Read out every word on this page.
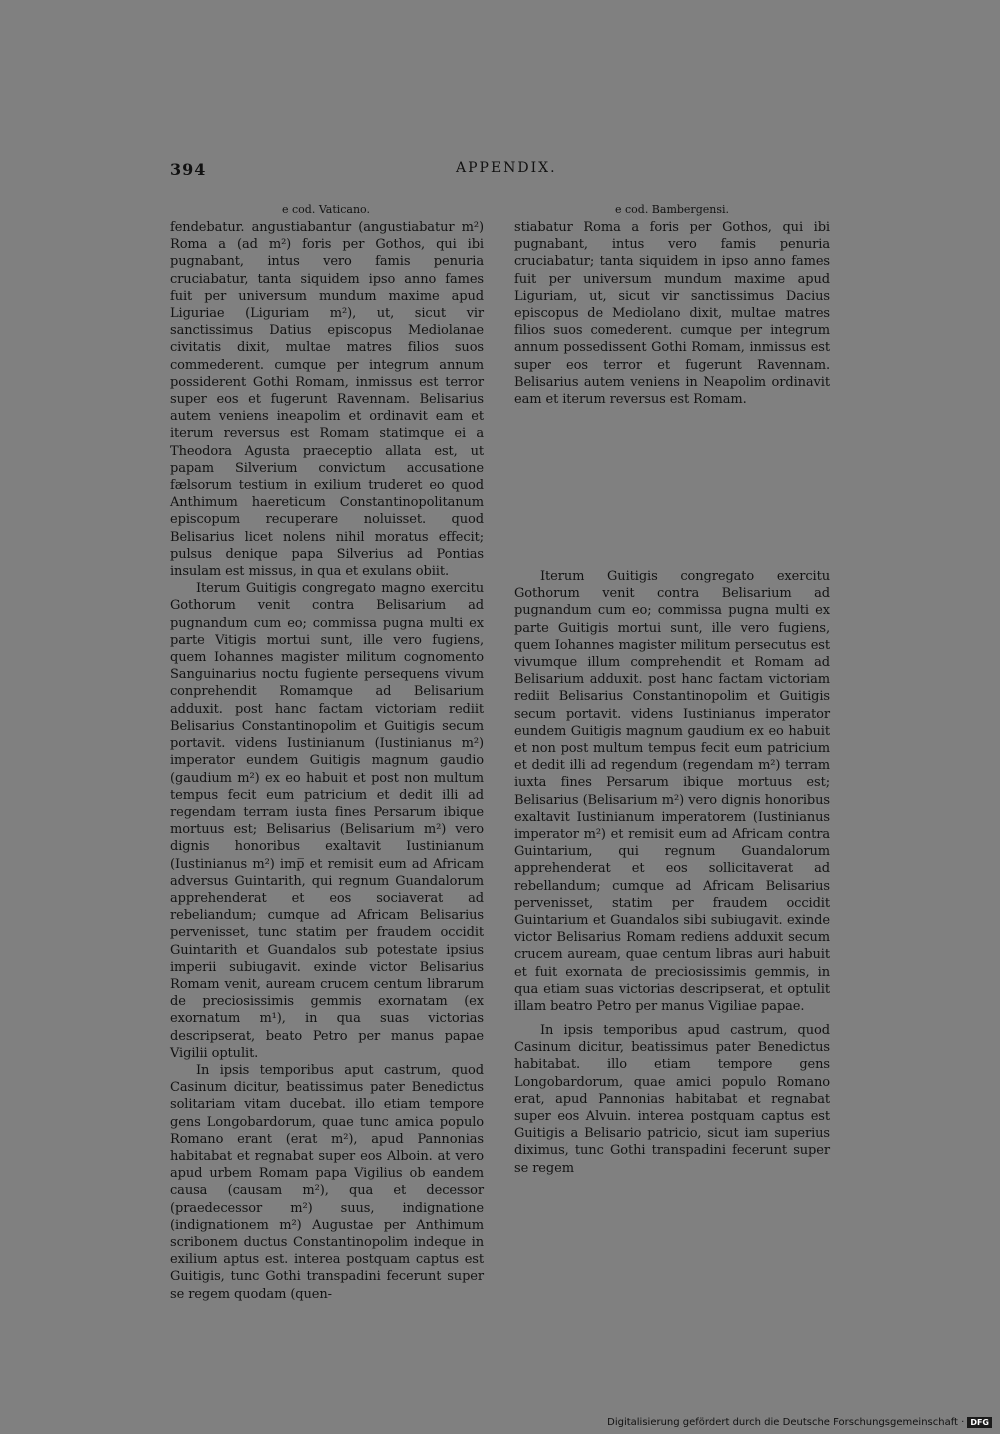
394	APPENDIX.
e cod. Vaticano.	e cod. Bambergensi.

fendebatur. angustiabantur (angustiabatur m²) Roma a (ad m²) foris per Gothos, qui ibi pugnabant, intus vero famis penuria cruciabatur, tanta siquidem ipso anno fames fuit per universum mundum maxime apud Liguriae (Liguriam m²), ut, sicut vir sanctissimus Datius episcopus Mediolanae civitatis dixit, multae matres filios suos commederent. cumque per integrum annum possiderent Gothi Romam, inmissus est terror super eos et fugerunt Ravennam. Belisarius autem veniens ineapolim et ordinavit eam et iterum reversus est Romam statimque ei a Theodora Agusta praeceptio allata est, ut papam Silverium convictum accusatione fælsorum testium in exilium truderet eo quod Anthimum haereticum Constantinopolitanum episcopum recuperare noluisset. quod Belisarius licet nolens nihil moratus effecit; pulsus denique papa Silverius ad Pontias insulam est missus, in qua et exulans obiit.

Iterum Guitigis congregato magno exercitu Gothorum venit contra Belisarium ad pugnandum cum eo; commissa pugna multi ex parte Vitigis mortui sunt, ille vero fugiens, quem Iohannes magister militum cognomento Sanguinarius noctu fugiente persequens vivum conprehendit Romamque ad Belisarium adduxit. post hanc factam victoriam rediit Belisarius Constantinopolim et Guitigis secum portavit. videns Iustinianum (Iustinianus m²) imperator eundem Guitigis magnum gaudio (gaudium m²) ex eo habuit et post non multum tempus fecit eum patricium et dedit illi ad regendam terram iusta fines Persarum ibique mortuus est; Belisarius (Belisarium m²) vero dignis honoribus exaltavit Iustinianum (Iustinianus m²) imp̅ et remisit eum ad Africam adversus Guintarith, qui regnum Guandalorum apprehenderat et eos sociaverat ad rebeliandum; cumque ad Africam Belisarius pervenisset, tunc statim per fraudem occidit Guintarith et Guandalos sub potestate ipsius imperii subiugavit. exinde victor Belisarius Romam venit, auream crucem centum librarum de preciosissimis gemmis exornatam (ex exornatum m¹), in qua suas victorias descripserat, beato Petro per manus papae Vigilii optulit.

In ipsis temporibus aput castrum, quod Casinum dicitur, beatissimus pater Benedictus solitariam vitam ducebat. illo etiam tempore gens Longobardorum, quae tunc amica populo Romano erant (erat m²), apud Pannonias habitabat et regnabat super eos Alboin. at vero apud urbem Romam papa Vigilius ob eandem causa (causam m²), qua et decessor (praedecessor m²) suus, indignatione (indignationem m²) Augustae per Anthimum scribonem ductus Constantinopolim indeque in exilium aptus est. interea postquam captus est Guitigis, tunc Gothi transpadini fecerunt super se regem quodam (quen-

stiabatur Roma a foris per Gothos, qui ibi pugnabant, intus vero famis penuria cruciabatur; tanta siquidem in ipso anno fames fuit per universum mundum maxime apud Liguriam, ut, sicut vir sanctissimus Dacius episcopus de Mediolano dixit, multae matres filios suos comederent. cumque per integrum annum possedissent Gothi Romam, inmissus est super eos terror et fugerunt Ravennam. Belisarius autem veniens in Neapolim ordinavit eam et iterum reversus est Romam.

Iterum Guitigis congregato exercitu Gothorum venit contra Belisarium ad pugnandum cum eo; commissa pugna multi ex parte Guitigis mortui sunt, ille vero fugiens, quem Iohannes magister militum persecutus est vivumque illum comprehendit et Romam ad Belisarium adduxit. post hanc factam victoriam rediit Belisarius Constantinopolim et Guitigis secum portavit. videns Iustinianus imperator eundem Guitigis magnum gaudium ex eo habuit et non post multum tempus fecit eum patricium et dedit illi ad regendum (regendam m²) terram iuxta fines Persarum ibique mortuus est; Belisarius (Belisarium m²) vero dignis honoribus exaltavit Iustinianum imperatorem (Iustinianus imperator m²) et remisit eum ad Africam contra Guintarium, qui regnum Guandalorum apprehenderat et eos sollicitaverat ad rebellandum; cumque ad Africam Belisarius pervenisset, statim per fraudem occidit Guintarium et Guandalos sibi subiugavit. exinde victor Belisarius Romam rediens adduxit secum crucem auream, quae centum libras auri habuit et fuit exornata de preciosissimis gemmis, in qua etiam suas victorias descripserat, et optulit illam beatro Petro per manus Vigiliae papae.

In ipsis temporibus apud castrum, quod Casinum dicitur, beatissimus pater Benedictus habitabat. illo etiam tempore gens Longobardorum, quae amici populo Romano erat, apud Pannonias habitabat et regnabat super eos Alvuin. interea postquam captus est Guitigis a Belisario patricio, sicut iam superius diximus, tunc Gothi transpadini fecerunt super se regem

Digitalisierung gefördert durch die Deutsche Forschungsgemeinschaft · DFG
